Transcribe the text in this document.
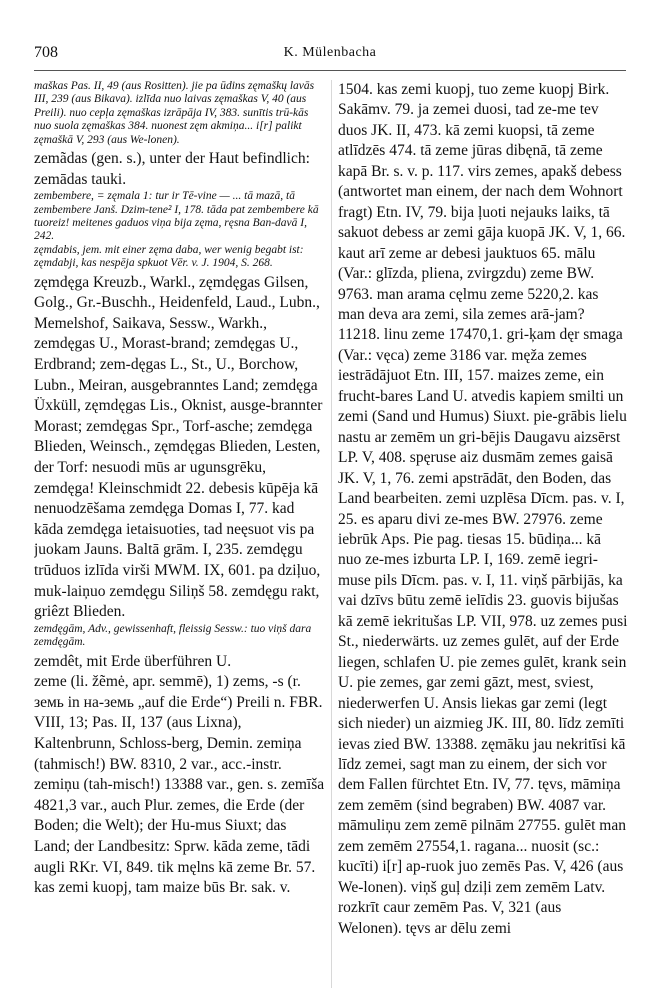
708	K. Mülenbacha

maškas Pas. II, 49 (aus Rositten). jie pa ūdins zęmaškų lavās III, 239 (aus Bikava). izlīda nuo laivas zęmaškas V, 40 (aus Preili). nuo cepļa zęmaškas izrāpāja IV, 383. sunītis trū-kās nuo suola zęmaškas 384. nuonest zęm akmiņa... i[r] palikt zęmaškā V, 293 (aus We-lonen).

zemãdas (gen. s.), unter der Haut befindlich: zemādas tauki.

zembembere, = zęmala 1: tur ir Tē-vine — ... tā mazā, tā zembembere Janš. Dzim-tene² I, 178. tāda pat zembembere kā tuoreiz! meitenes gaduos viņa bija zęma, ręsna Ban-davā I, 242.

zęmdabis, jem. mit einer zęma daba, wer wenig begabt ist: zęmdabji, kas nespēja spkuot Vēr. v. J. 1904, S. 268.

zęmdęga Kreuzb., Warkl., zęmdęgas Gilsen, Golg., Gr.-Buschh., Heidenfeld, Laud., Lubn., Memelshof, Saikava, Sessw., Warkh., zemdęgas U., Morast-brand; zemdęgas U., Erdbrand; zem-dęgas L., St., U., Borchow, Lubn., Meiran, ausgebranntes Land; zemdęga Üxküll, zęmdęgas Lis., Oknist, ausge-brannter Morast; zemdęgas Spr., Torf-asche; zemdęga Blieden, Weinsch., zęmdęgas Blieden, Lesten, der Torf: nesuodi mūs ar ugunsgrēku, zemdęga! Kleinschmidt 22. debesis kūpēja kā nenuodzēšama zemdęga Domas I, 77. kad kāda zemdęga ietaisuoties, tad neęsuot vis pa juokam Jauns. Baltā grām. I, 235. zemdęgu trūduos izlīda virši MWM. IX, 601. pa dziļuo, muk-laiņuo zemdęgu Siliņš 58. zemdęgu rakt, griêzt Blieden.

zemdęgām, Adv., gewissenhaft, fleissig Sessw.: tuo viņš dara zemdęgām.

zemdêt, mit Erde überführen U.

zeme (li. žẽmė, apr. semmē), 1) zems, -s (r. земь in на-земь „auf die Erde“) Preili n. FBR. VIII, 13; Pas. II, 137 (aus Lixna), Kaltenbrunn, Schloss-berg, Demin. zemiņa (tahmisch!) BW. 8310, 2 var., acc.-instr. zemiņu (tah-misch!) 13388 var., gen. s. zemīša 4821,3 var., auch Plur. zemes, die Erde (der Boden; die Welt); der Hu-mus Siuxt; das Land; der Landbesitz: Sprw. kāda zeme, tādi augli RKr. VI, 849. tik męlns kā zeme Br. 57. kas zemi kuopj, tam maize būs Br. sak. v.

1504. kas zemi kuopj, tuo zeme kuopj Birk. Sakāmv. 79. ja zemei duosi, tad ze-me tev duos JK. II, 473. kā zemi kuopsi, tā zeme atlīdzēs 474. tā zeme jūras dibęnā, tā zeme kapā Br. s. v. p. 117. virs zemes, apakš debess (antwortet man einem, der nach dem Wohnort fragt) Etn. IV, 79. bija ļuoti nejauks laiks, tā sakuot debess ar zemi gāja kuopā JK. V, 1, 66. kaut arī zeme ar debesi jauktuos 65. mālu (Var.: glīzda, pliena, zvirgzdu) zeme BW. 9763. man arama cęlmu zeme 5220,2. kas man deva ara zemi, sila zemes arā-jam? 11218. linu zeme 17470,1. gri-ķam dęr smaga (Var.: vęca) zeme 3186 var. męža zemes iestrādājuot Etn. III, 157. maizes zeme, ein frucht-bares Land U. atvedis kapiem smilti un zemi (Sand und Humus) Siuxt. pie-grābis lielu nastu ar zemēm un gri-bējis Daugavu aizsērst LP. V, 408. spęruse aiz dusmām zemes gaisā JK. V, 1, 76. zemi apstrādāt, den Boden, das Land bearbeiten. zemi uzplēsa Dīcm. pas. v. I, 25. es aparu divi ze-mes BW. 27976. zeme iebrūk Aps. Pie pag. tiesas 15. būdiņa... kā nuo ze-mes izburta LP. I, 169. zemē iegri-muse pils Dīcm. pas. v. I, 11. viņš pārbijās, ka vai dzīvs būtu zemē ielīdis 23. guovis bijušas kā zemē iekritušas LP. VII, 978. uz zemes pusi St., niederwärts. uz zemes gulēt, auf der Erde liegen, schlafen U. pie zemes gulēt, krank sein U. pie zemes, gar zemi gāzt, mest, sviest, niederwerfen U. Ansis liekas gar zemi (legt sich nieder) un aizmieg JK. III, 80. līdz zemīti ievas zied BW. 13388. zęmāku jau nekritīsi kā līdz zemei, sagt man zu einem, der sich vor dem Fallen fürchtet Etn. IV, 77. tęvs, māmiņa zem zemēm (sind begraben) BW. 4087 var. māmuliņu zem zemē pilnām 27755. gulēt man zem zemēm 27554,1. ragana... nuosit (sc.: kucīti) i[r] ap-ruok juo zemēs Pas. V, 426 (aus We-lonen). viņš guļ dziļi zem zemēm Latv. rozkrīt caur zemēm Pas. V, 321 (aus Welonen). tęvs ar dēlu zemi
